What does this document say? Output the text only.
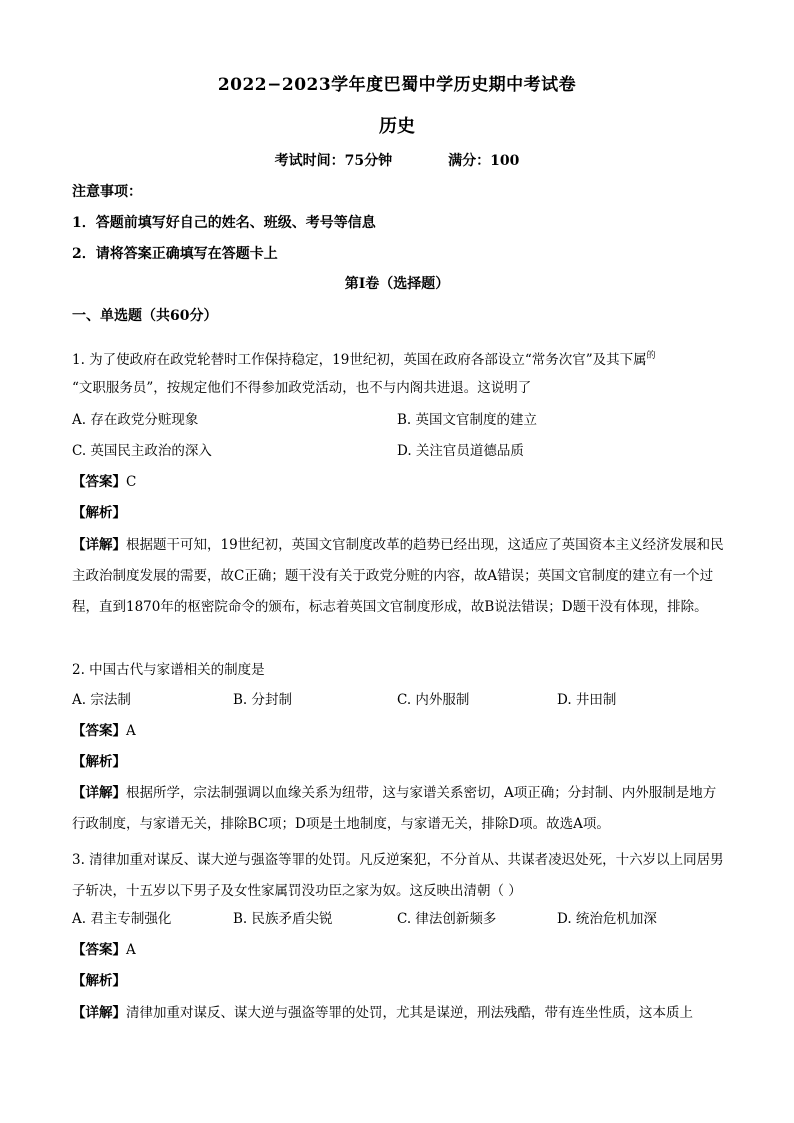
2022−2023学年度巴蜀中学历史期中考试卷
历史
考试时间：75分钟	满分：100
注意事项：
1．答题前填写好自己的姓名、班级、考号等信息
2．请将答案正确填写在答题卡上
第I卷（选择题）
一、单选题（共60分）
1. 为了使政府在政党轮替时工作保持稳定，19世纪初，英国在政府各部设立“常务次官”及其下属$^的$
“文职服务员”，按规定他们不得参加政党活动，也不与内阁共进退。这说明了
A. 存在政党分赃现象	B. 英国文官制度的建立
C. 英国民主政治的深入	D. 关注官员道德品质
【答案】C
【解析】
【详解】根据题干可知，19世纪初，英国文官制度改革的趋势已经出现，这适应了英国资本主义经济发展和民主政治制度发展的需要，故C正确；题干没有关于政党分赃的内容，故A错误；英国文官制度的建立有一个过程，直到1870年的枢密院命令的颁布，标志着英国文官制度形成，故B说法错误；D题干没有体现，排除。
2. 中国古代与家谱相关的制度是
A. 宗法制	B. 分封制	C. 内外服制	D. 井田制
【答案】A
【解析】
【详解】根据所学，宗法制强调以血缘关系为纽带，这与家谱关系密切，A项正确；分封制、内外服制是地方行政制度，与家谱无关，排除BC项；D项是土地制度，与家谱无关，排除D项。故选A项。
3. 清律加重对谋反、谋大逆与强盗等罪的处罚。凡反逆案犯，不分首从、共谋者凌迟处死，十六岁以上同居男子斩决，十五岁以下男子及女性家属罚没功臣之家为奴。这反映出清朝（ ）
A. 君主专制强化	B. 民族矛盾尖锐	C. 律法创新频多	D. 统治危机加深
【答案】A
【解析】
【详解】清律加重对谋反、谋大逆与强盗等罪的处罚，尤其是谋逆，刑法残酷，带有连坐性质，这本质上
